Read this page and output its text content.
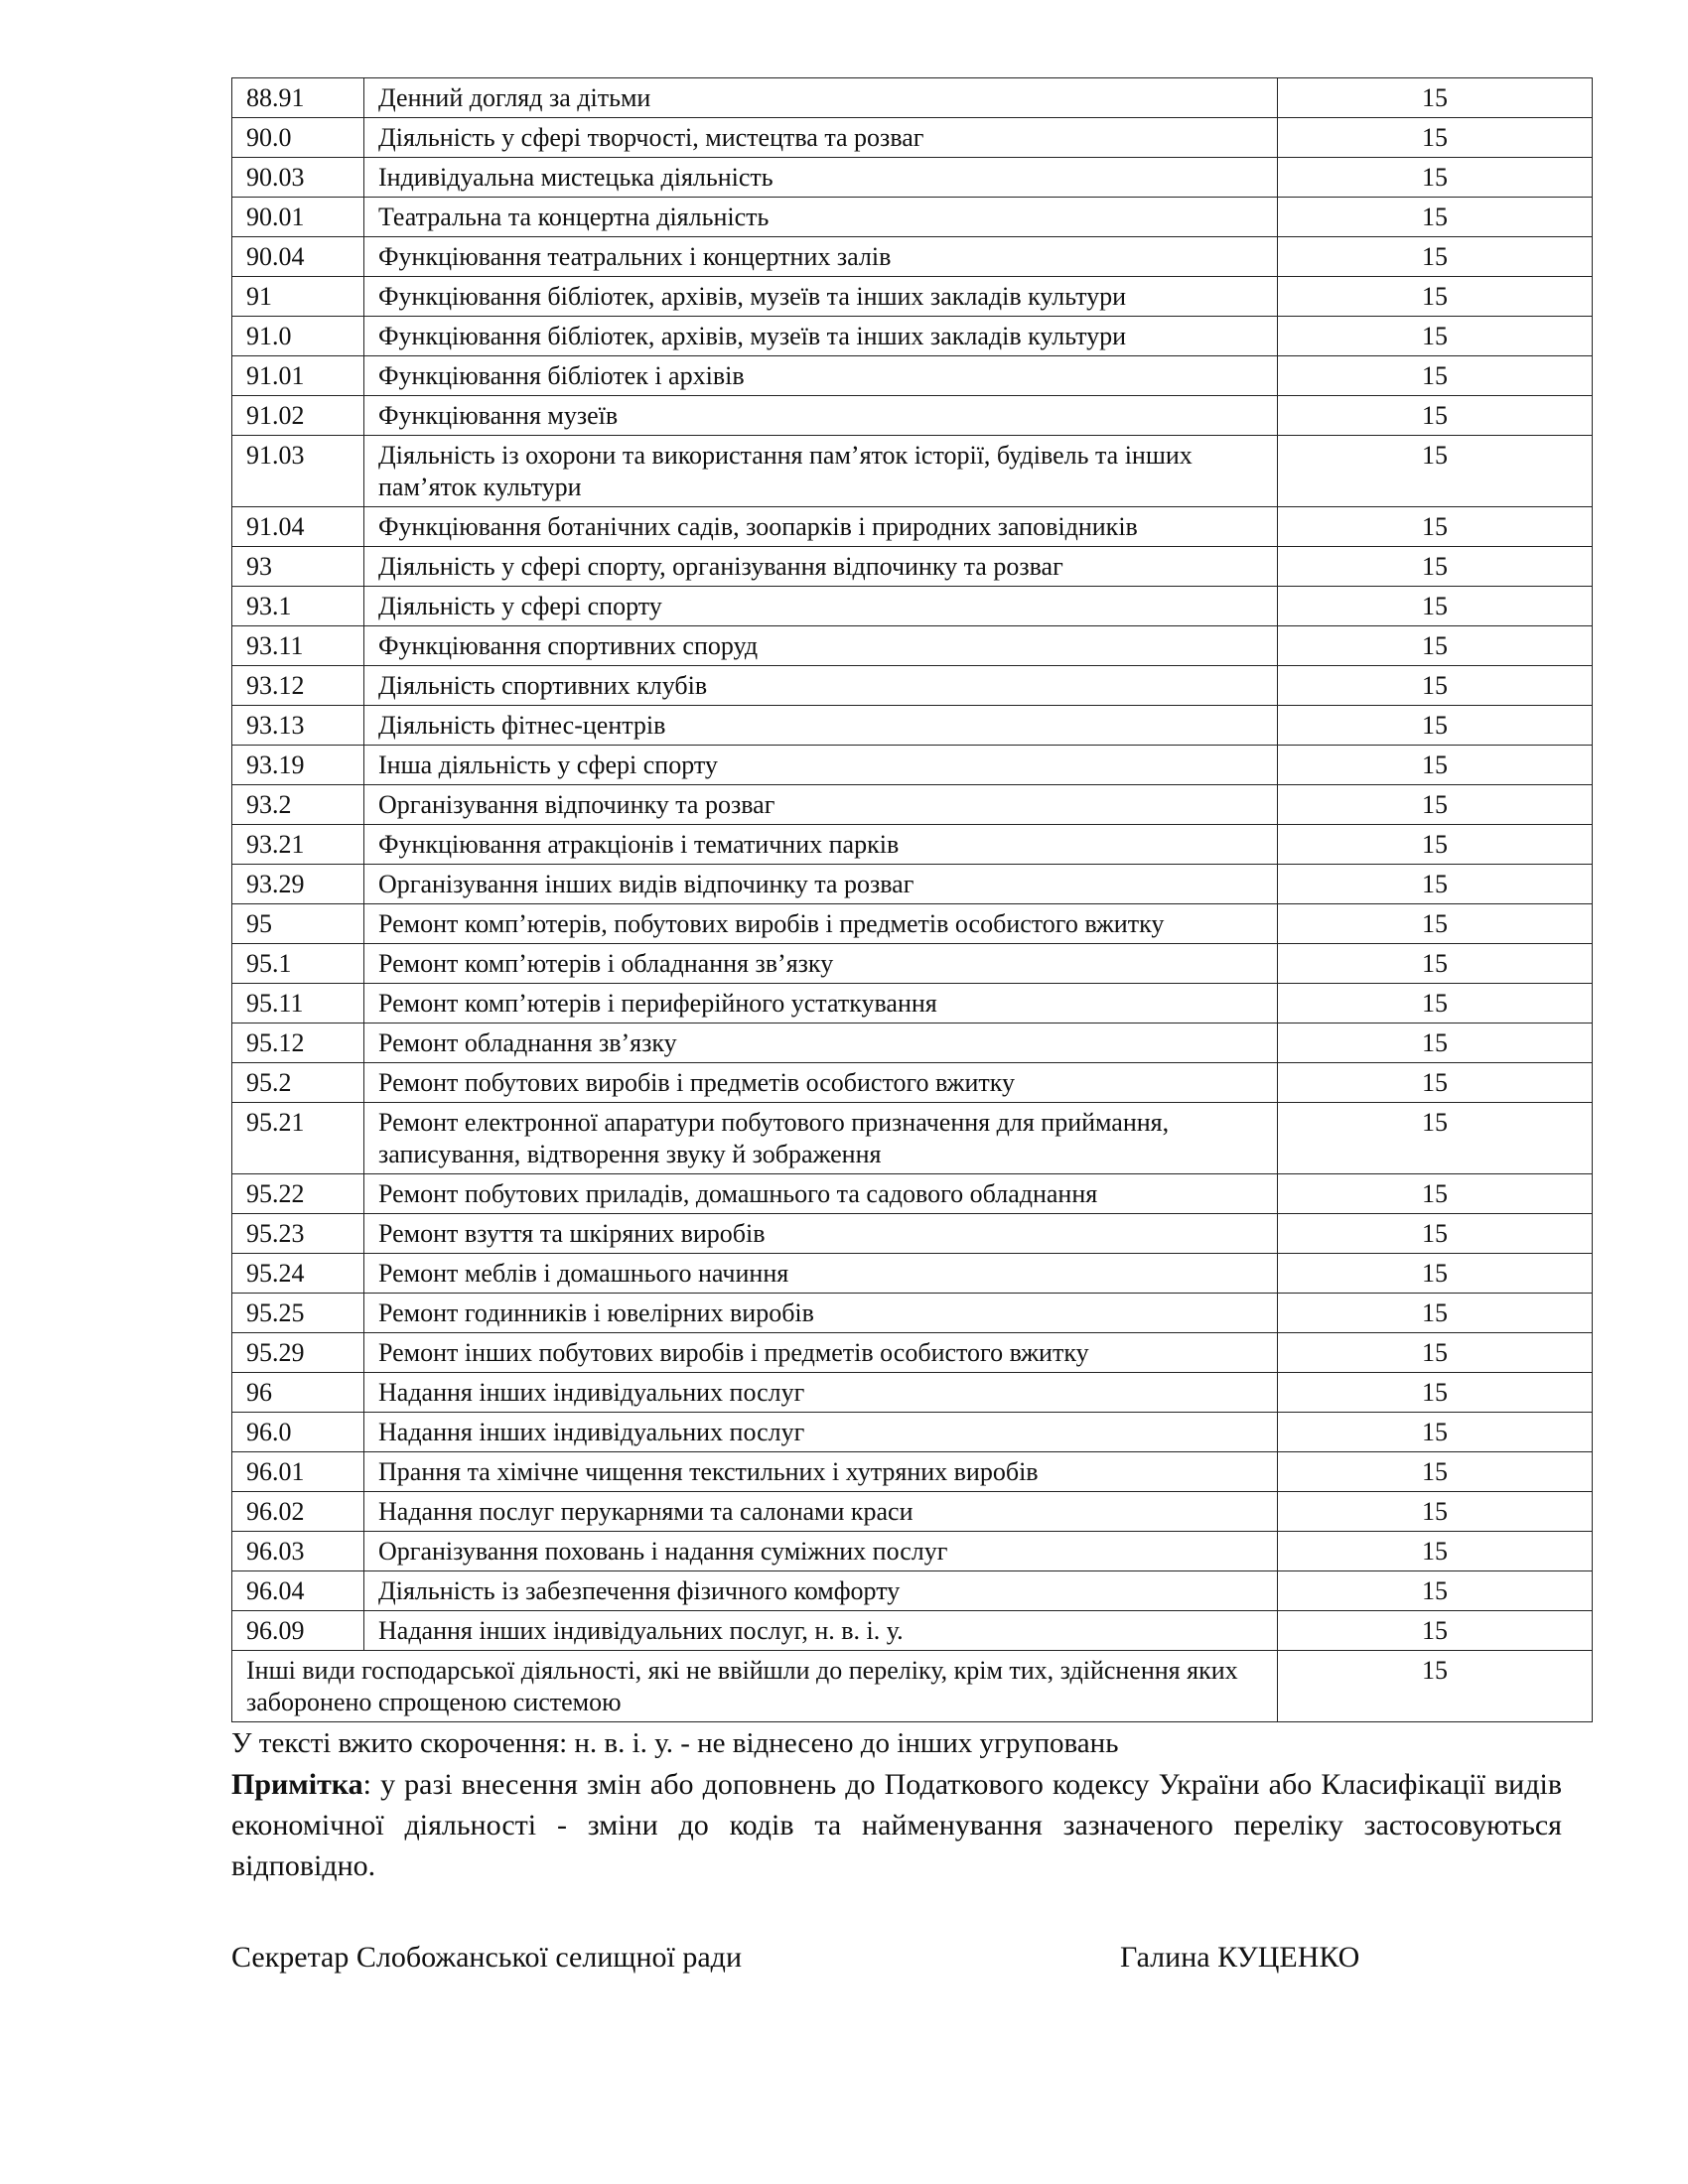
88.91	Денний догляд за дітьми	15
90.0	Діяльність у сфері творчості, мистецтва та розваг	15
90.03	Індивідуальна мистецька діяльність	15
90.01	Театральна та концертна діяльність	15
90.04	Функціювання театральних і концертних залів	15
91	Функціювання бібліотек, архівів, музеїв та інших закладів культури	15
91.0	Функціювання бібліотек, архівів, музеїв та інших закладів культури	15
91.01	Функціювання бібліотек і архівів	15
91.02	Функціювання музеїв	15
91.03	Діяльність із охорони та використання пам’яток історії, будівель та інших пам’яток культури	15
91.04	Функціювання ботанічних садів, зоопарків і природних заповідників	15
93	Діяльність у сфері спорту, організування відпочинку та розваг	15
93.1	Діяльність у сфері спорту	15
93.11	Функціювання спортивних споруд	15
93.12	Діяльність спортивних клубів	15
93.13	Діяльність фітнес-центрів	15
93.19	Інша діяльність у сфері спорту	15
93.2	Організування відпочинку та розваг	15
93.21	Функціювання атракціонів і тематичних парків	15
93.29	Організування інших видів відпочинку та розваг	15
95	Ремонт комп’ютерів, побутових виробів і предметів особистого вжитку	15
95.1	Ремонт комп’ютерів і обладнання зв’язку	15
95.11	Ремонт комп’ютерів і периферійного устаткування	15
95.12	Ремонт обладнання зв’язку	15
95.2	Ремонт побутових виробів і предметів особистого вжитку	15
95.21	Ремонт електронної апаратури побутового призначення для приймання, записування, відтворення звуку й зображення	15
95.22	Ремонт побутових приладів, домашнього та садового обладнання	15
95.23	Ремонт взуття та шкіряних виробів	15
95.24	Ремонт меблів і домашнього начиння	15
95.25	Ремонт годинників і ювелірних виробів	15
95.29	Ремонт інших побутових виробів і предметів особистого вжитку	15
96	Надання інших індивідуальних послуг	15
96.0	Надання інших індивідуальних послуг	15
96.01	Прання та хімічне чищення текстильних і хутряних виробів	15
96.02	Надання послуг перукарнями та салонами краси	15
96.03	Організування поховань і надання суміжних послуг	15
96.04	Діяльність із забезпечення фізичного комфорту	15
96.09	Надання інших індивідуальних послуг, н. в. і. у.	15
Інші види господарської діяльності, які не ввійшли до переліку, крім тих, здійснення яких заборонено спрощеною системою		15
У тексті вжито скорочення: н. в. і. у. - не віднесено до інших угруповань
Примітка: у разі внесення змін або доповнень до Податкового кодексу України або Класифікації видів економічної діяльності - зміни до кодів та найменування зазначеного переліку застосовуються відповідно.
Секретар Слобожанської селищної ради	Галина КУЦЕНКО
